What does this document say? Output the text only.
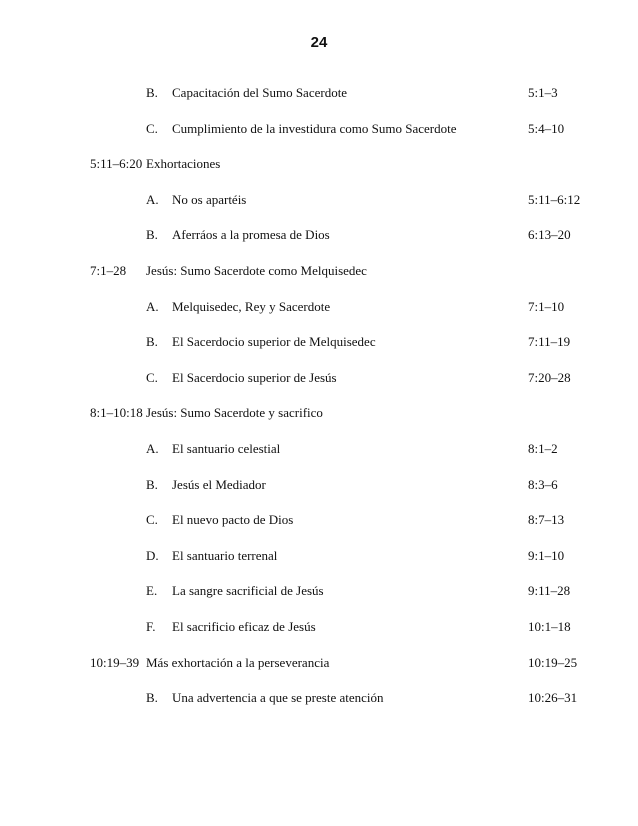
24
B. Capacitación del Sumo Sacerdote	5:1–3
C. Cumplimiento de la investidura como Sumo Sacerdote	5:4–10
5:11–6:20 Exhortaciones
A. No os apartéis	5:11–6:12
B. Aferráos a la promesa de Dios	6:13–20
7:1–28 Jesús: Sumo Sacerdote como Melquisedec
A. Melquisedec, Rey y Sacerdote	7:1–10
B. El Sacerdocio superior de Melquisedec	7:11–19
C. El Sacerdocio superior de Jesús	7:20–28
8:1–10:18 Jesús: Sumo Sacerdote y sacrifico
A. El santuario celestial	8:1–2
B. Jesús el Mediador	8:3–6
C. El nuevo pacto de Dios	8:7–13
D. El santuario terrenal	9:1–10
E. La sangre sacrificial de Jesús	9:11–28
F. El sacrificio eficaz de Jesús	10:1–18
10:19–39 Más exhortación a la perseverancia	10:19–25
B. Una advertencia a que se preste atención	10:26–31
